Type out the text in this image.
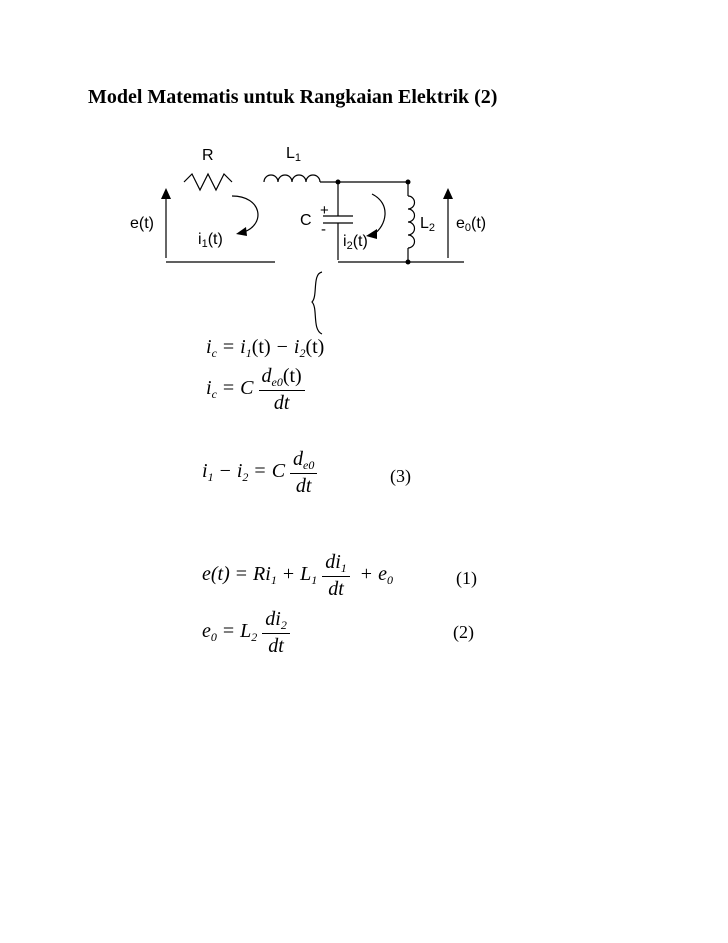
Model Matematis untuk Rangkaian Elektrik (2)
e(t)
R	$L_1$
$i_1(t)$
C
+
-
$i_2(t)$
$L_2$ $e_0(t)$
$i_c = i_1(t) - i_2(t)$
$i_c = C \frac{d_{e0}(t)}{dt}$
$i_1 - i_2 = C \frac{d_{e0}}{dt}$	(3)
$e(t) = Ri_1 + L_1 \frac{di_1}{dt} + e_0$	(1)
$e_0 = L_2 \frac{di_2}{dt}$	(2)
